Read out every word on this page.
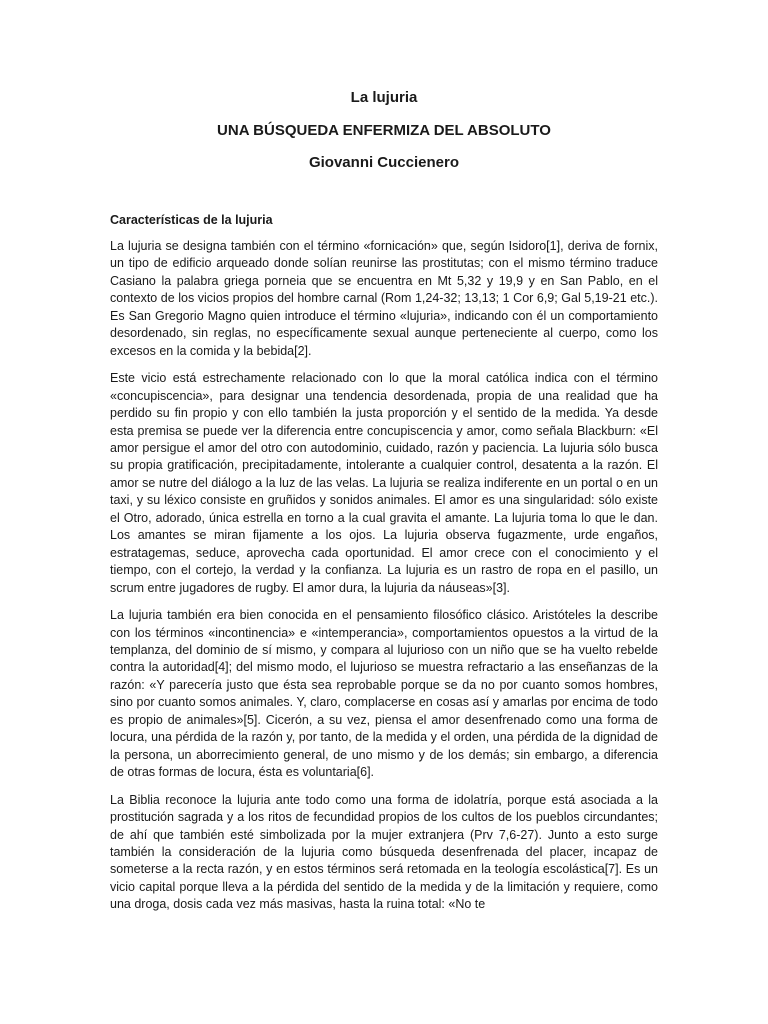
La lujuria

UNA BÚSQUEDA ENFERMIZA DEL ABSOLUTO

Giovanni Cuccienero

Características de la lujuria

La lujuria se designa también con el término «fornicación» que, según Isidoro[1], deriva de fornix, un tipo de edificio arqueado donde solían reunirse las prostitutas; con el mismo término traduce Casiano la palabra griega porneia que se encuentra en Mt 5,32 y 19,9 y en San Pablo, en el contexto de los vicios propios del hombre carnal (Rom 1,24-32; 13,13; 1 Cor 6,9; Gal 5,19-21 etc.). Es San Gregorio Magno quien introduce el término «lujuria», indicando con él un comportamiento desordenado, sin reglas, no específicamente sexual aunque perteneciente al cuerpo, como los excesos en la comida y la bebida[2].

Este vicio está estrechamente relacionado con lo que la moral católica indica con el término «concupiscencia», para designar una tendencia desordenada, propia de una realidad que ha perdido su fin propio y con ello también la justa proporción y el sentido de la medida. Ya desde esta premisa se puede ver la diferencia entre concupiscencia y amor, como señala Blackburn: «El amor persigue el amor del otro con autodominio, cuidado, razón y paciencia. La lujuria sólo busca su propia gratificación, precipitadamente, intolerante a cualquier control, desatenta a la razón. El amor se nutre del diálogo a la luz de las velas. La lujuria se realiza indiferente en un portal o en un taxi, y su léxico consiste en gruñidos y sonidos animales. El amor es una singularidad: sólo existe el Otro, adorado, única estrella en torno a la cual gravita el amante. La lujuria toma lo que le dan. Los amantes se miran fijamente a los ojos. La lujuria observa fugazmente, urde engaños, estratagemas, seduce, aprovecha cada oportunidad. El amor crece con el conocimiento y el tiempo, con el cortejo, la verdad y la confianza. La lujuria es un rastro de ropa en el pasillo, un scrum entre jugadores de rugby. El amor dura, la lujuria da náuseas»[3].

La lujuria también era bien conocida en el pensamiento filosófico clásico. Aristóteles la describe con los términos «incontinencia» e «intemperancia», comportamientos opuestos a la virtud de la templanza, del dominio de sí mismo, y compara al lujurioso con un niño que se ha vuelto rebelde contra la autoridad[4]; del mismo modo, el lujurioso se muestra refractario a las enseñanzas de la razón: «Y parecería justo que ésta sea reprobable porque se da no por cuanto somos hombres, sino por cuanto somos animales. Y, claro, complacerse en cosas así y amarlas por encima de todo es propio de animales»[5]. Cicerón, a su vez, piensa el amor desenfrenado como una forma de locura, una pérdida de la razón y, por tanto, de la medida y el orden, una pérdida de la dignidad de la persona, un aborrecimiento general, de uno mismo y de los demás; sin embargo, a diferencia de otras formas de locura, ésta es voluntaria[6].

La Biblia reconoce la lujuria ante todo como una forma de idolatría, porque está asociada a la prostitución sagrada y a los ritos de fecundidad propios de los cultos de los pueblos circundantes; de ahí que también esté simbolizada por la mujer extranjera (Prv 7,6-27). Junto a esto surge también la consideración de la lujuria como búsqueda desenfrenada del placer, incapaz de someterse a la recta razón, y en estos términos será retomada en la teología escolástica[7]. Es un vicio capital porque lleva a la pérdida del sentido de la medida y de la limitación y requiere, como una droga, dosis cada vez más masivas, hasta la ruina total: «No te
